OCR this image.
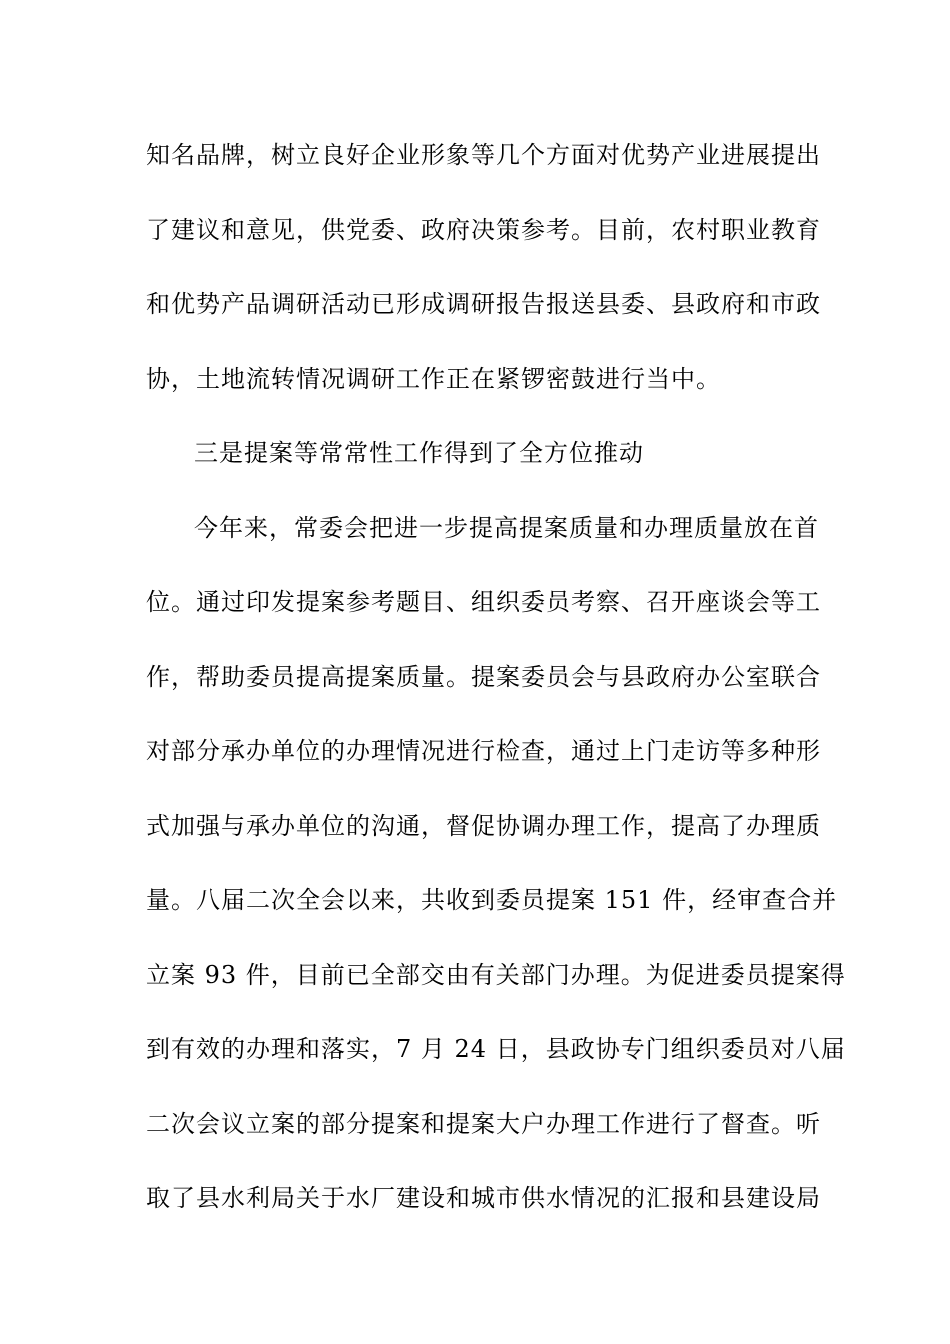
知名品牌，树立良好企业形象等几个方面对优势产业进展提出
了建议和意见，供党委、政府决策参考。目前，农村职业教育
和优势产品调研活动已形成调研报告报送县委、县政府和市政
协，土地流转情况调研工作正在紧锣密鼓进行当中。
三是提案等常常性工作得到了全方位推动
今年来，常委会把进一步提高提案质量和办理质量放在首
位。通过印发提案参考题目、组织委员考察、召开座谈会等工
作，帮助委员提高提案质量。提案委员会与县政府办公室联合
对部分承办单位的办理情况进行检查，通过上门走访等多种形
式加强与承办单位的沟通，督促协调办理工作，提高了办理质
量。八届二次全会以来，共收到委员提案 151 件，经审查合并
立案 93 件，目前已全部交由有关部门办理。为促进委员提案得
到有效的办理和落实，7 月 24 日，县政协专门组织委员对八届
二次会议立案的部分提案和提案大户办理工作进行了督查。听
取了县水利局关于水厂建设和城市供水情况的汇报和县建设局
